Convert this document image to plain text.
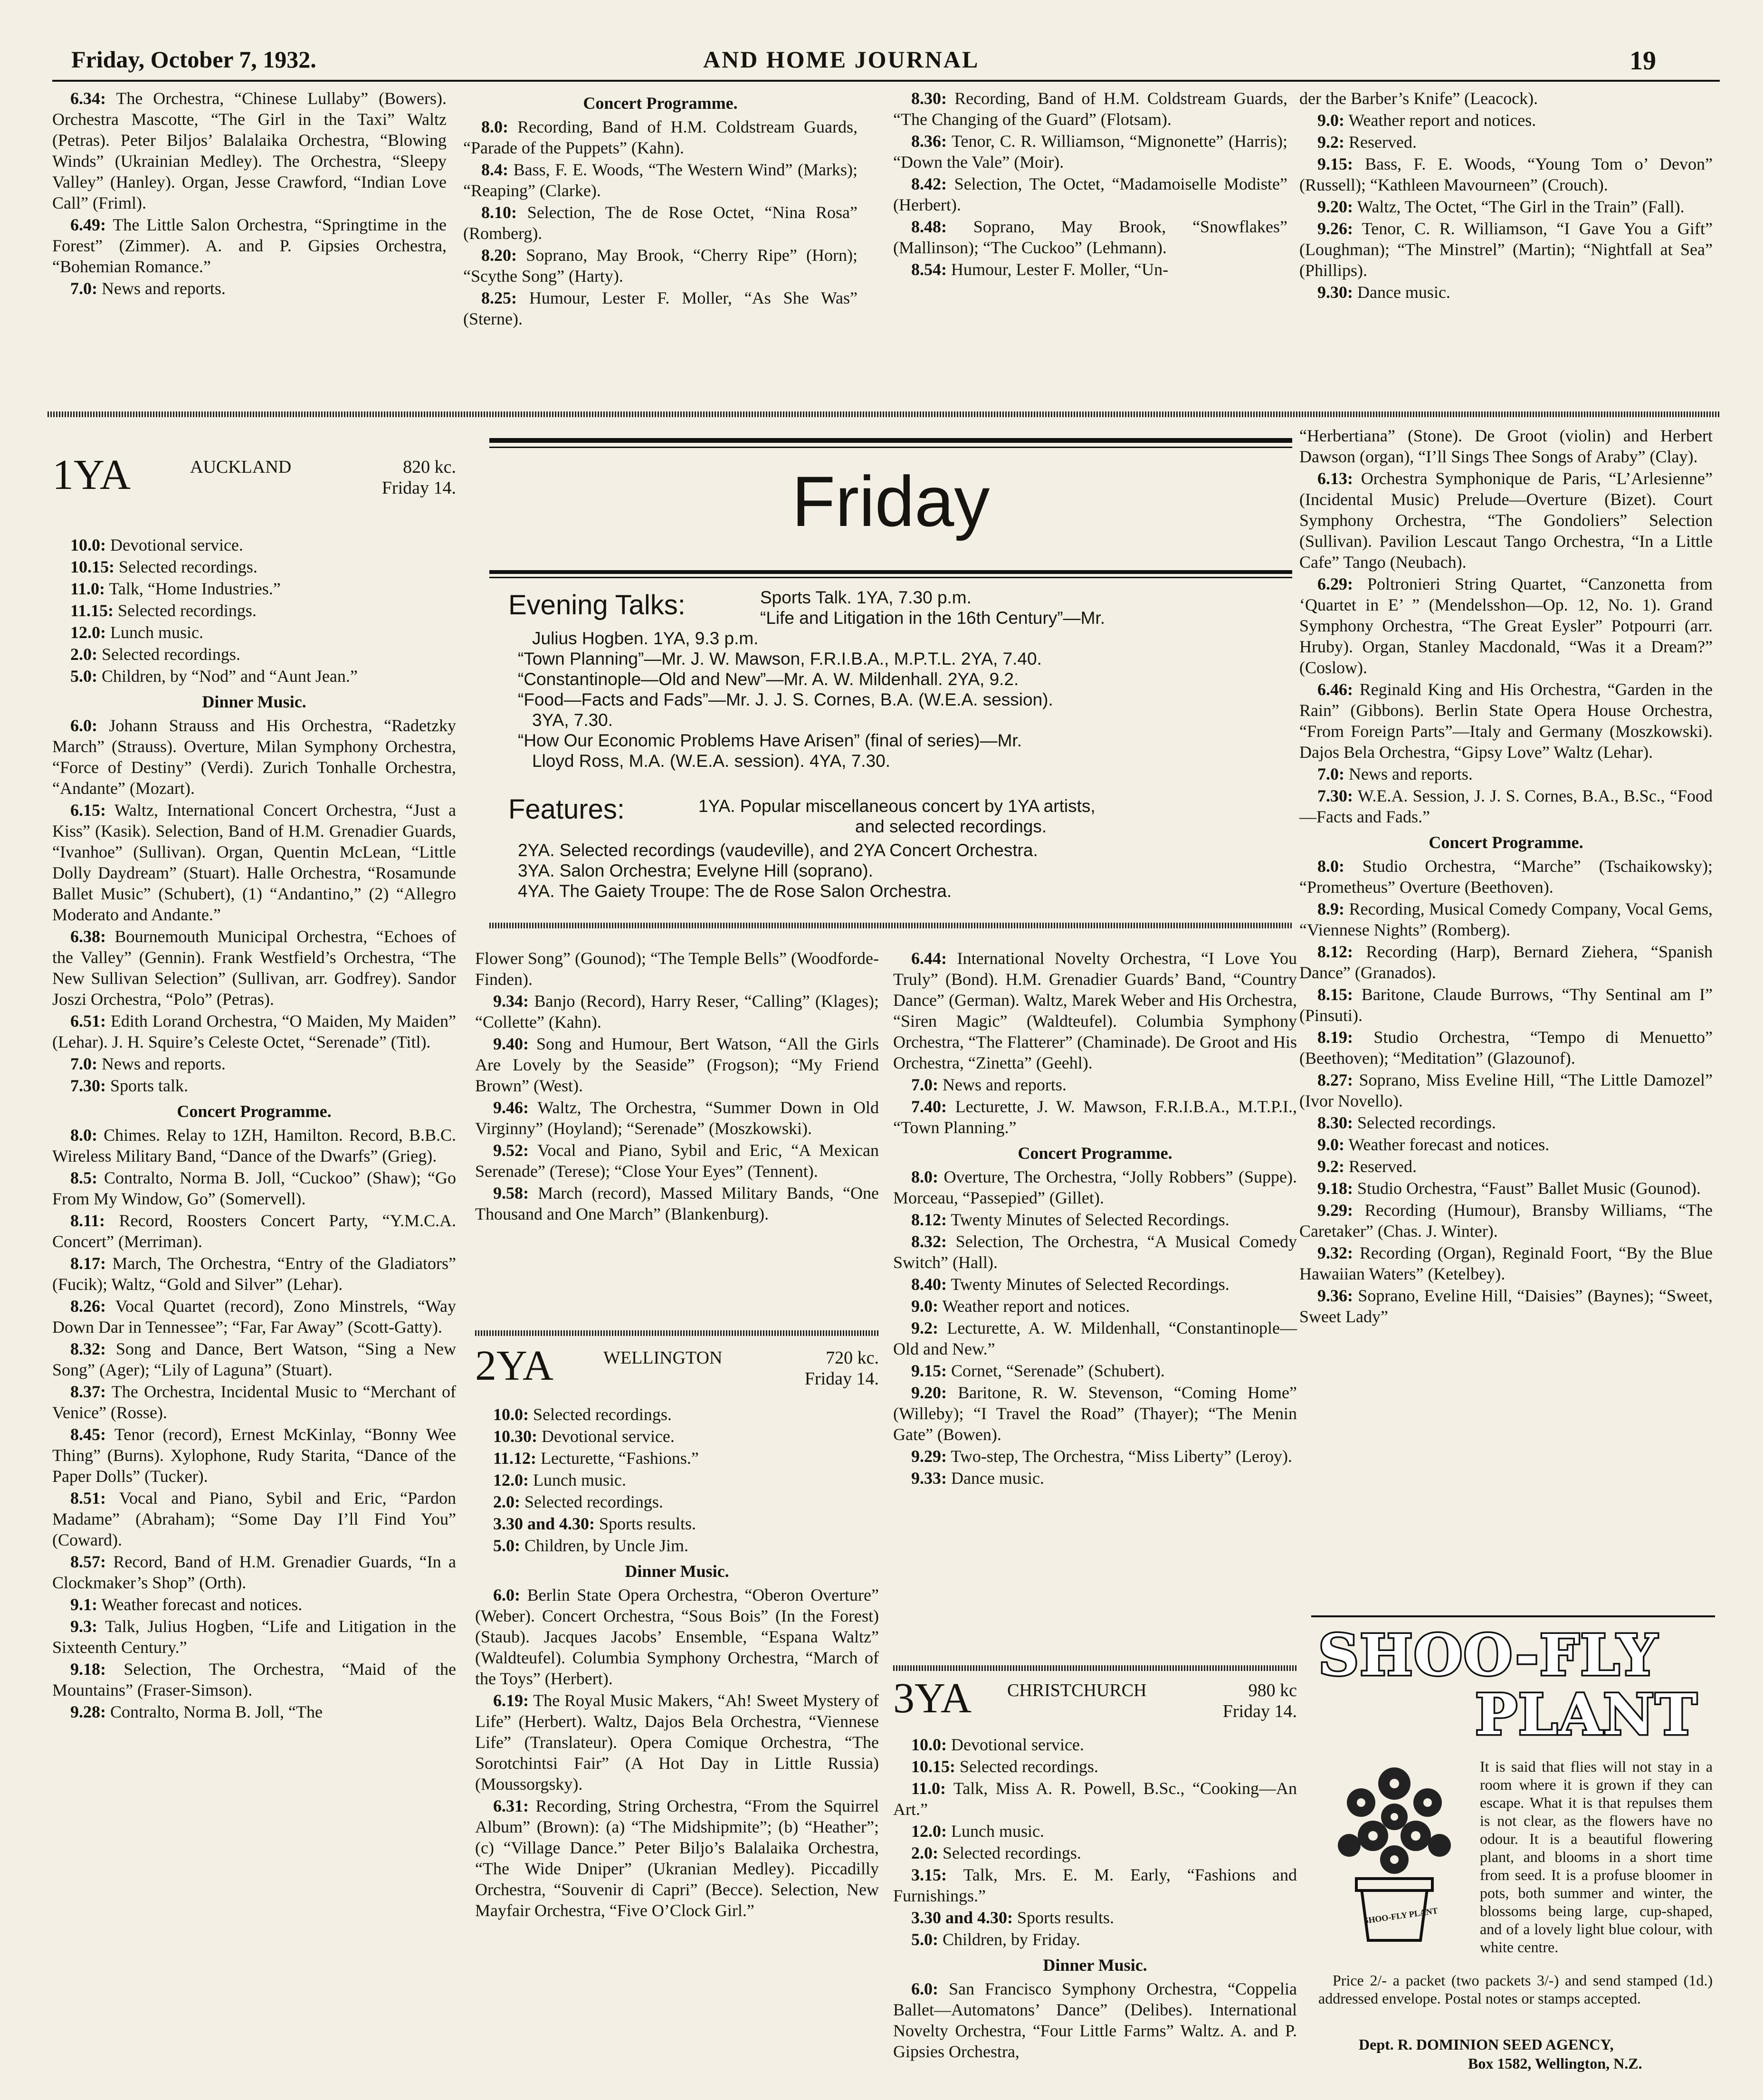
Friday, October 7, 1932.	AND HOME JOURNAL	19

6.34: The Orchestra, “Chinese Lullaby” (Bowers). Orchestra Mascotte, “The Girl in the Taxi” Waltz (Petras). Peter Biljos’ Balalaika Orchestra, “Blowing Winds” (Ukrainian Medley). The Orchestra, “Sleepy Valley” (Hanley). Organ, Jesse Crawford, “Indian Love Call” (Friml).

6.49: The Little Salon Orchestra, “Springtime in the Forest” (Zimmer). A. and P. Gipsies Orchestra, “Bohemian Romance.”

7.0: News and reports.

Concert Programme.

8.0: Recording, Band of H.M. Coldstream Guards, “Parade of the Puppets” (Kahn).

8.4: Bass, F. E. Woods, “The Western Wind” (Marks); “Reaping” (Clarke).

8.10: Selection, The de Rose Octet, “Nina Rosa” (Romberg).

8.20: Soprano, May Brook, “Cherry Ripe” (Horn); “Scythe Song” (Harty).

8.25: Humour, Lester F. Moller, “As She Was” (Sterne).

8.30: Recording, Band of H.M. Coldstream Guards, “The Changing of the Guard” (Flotsam).

8.36: Tenor, C. R. Williamson, “Mignonette” (Harris); “Down the Vale” (Moir).

8.42: Selection, The Octet, “Madamoiselle Modiste” (Herbert).

8.48: Soprano, May Brook, “Snowflakes” (Mallinson); “The Cuckoo” (Lehmann).

8.54: Humour, Lester F. Moller, “Un-

der the Barber’s Knife” (Leacock).

9.0: Weather report and notices.

9.2: Reserved.

9.15: Bass, F. E. Woods, “Young Tom o’ Devon” (Russell); “Kathleen Mavourneen” (Crouch).

9.20: Waltz, The Octet, “The Girl in the Train” (Fall).

9.26: Tenor, C. R. Williamson, “I Gave You a Gift” (Loughman); “The Minstrel” (Martin); “Nightfall at Sea” (Phillips).

9.30: Dance music.

1YA	AUCKLAND	820 kc.
Friday 14.

10.0: Devotional service.

10.15: Selected recordings.

11.0: Talk, “Home Industries.”

11.15: Selected recordings.

12.0: Lunch music.

2.0: Selected recordings.

5.0: Children, by “Nod” and “Aunt Jean.”

Dinner Music.

6.0: Johann Strauss and His Orchestra, “Radetzky March” (Strauss). Overture, Milan Symphony Orchestra, “Force of Destiny” (Verdi). Zurich Tonhalle Orchestra, “Andante” (Mozart).

6.15: Waltz, International Concert Orchestra, “Just a Kiss” (Kasik). Selection, Band of H.M. Grenadier Guards, “Ivanhoe” (Sullivan). Organ, Quentin McLean, “Little Dolly Daydream” (Stuart). Halle Orchestra, “Rosamunde Ballet Music” (Schubert), (1) “Andantino,” (2) “Allegro Moderato and Andante.”

6.38: Bournemouth Municipal Orchestra, “Echoes of the Valley” (Gennin). Frank Westfield’s Orchestra, “The New Sullivan Selection” (Sullivan, arr. Godfrey). Sandor Joszi Orchestra, “Polo” (Petras).

6.51: Edith Lorand Orchestra, “O Maiden, My Maiden” (Lehar). J. H. Squire’s Celeste Octet, “Serenade” (Titl).

7.0: News and reports.

7.30: Sports talk.

Concert Programme.

8.0: Chimes. Relay to 1ZH, Hamilton. Record, B.B.C. Wireless Military Band, “Dance of the Dwarfs” (Grieg).

8.5: Contralto, Norma B. Joll, “Cuckoo” (Shaw); “Go From My Window, Go” (Somervell).

8.11: Record, Roosters Concert Party, “Y.M.C.A. Concert” (Merriman).

8.17: March, The Orchestra, “Entry of the Gladiators” (Fucik); Waltz, “Gold and Silver” (Lehar).

8.26: Vocal Quartet (record), Zono Minstrels, “Way Down Dar in Tennessee”; “Far, Far Away” (Scott-Gatty).

8.32: Song and Dance, Bert Watson, “Sing a New Song” (Ager); “Lily of Laguna” (Stuart).

8.37: The Orchestra, Incidental Music to “Merchant of Venice” (Rosse).

8.45: Tenor (record), Ernest McKinlay, “Bonny Wee Thing” (Burns). Xylophone, Rudy Starita, “Dance of the Paper Dolls” (Tucker).

8.51: Vocal and Piano, Sybil and Eric, “Pardon Madame” (Abraham); “Some Day I’ll Find You” (Coward).

8.57: Record, Band of H.M. Grenadier Guards, “In a Clockmaker’s Shop” (Orth).

9.1: Weather forecast and notices.

9.3: Talk, Julius Hogben, “Life and Litigation in the Sixteenth Century.”

9.18: Selection, The Orchestra, “Maid of the Mountains” (Fraser-Simson).

9.28: Contralto, Norma B. Joll, “The

Friday
Evening Talks:	Sports Talk. 1YA, 7.30 p.m.
“Life and Litigation in the 16th Century”—Mr.
Julius Hogben. 1YA, 9.3 p.m.
“Town Planning”—Mr. J. W. Mawson, F.R.I.B.A., M.P.T.L. 2YA, 7.40.
“Constantinople—Old and New”—Mr. A. W. Mildenhall. 2YA, 9.2.
“Food—Facts and Fads”—Mr. J. J. S. Cornes, B.A. (W.E.A. session).
3YA, 7.30.
“How Our Economic Problems Have Arisen” (final of series)—Mr.
Lloyd Ross, M.A. (W.E.A. session). 4YA, 7.30.
Features:	1YA. Popular miscellaneous concert by 1YA artists,
and selected recordings.
2YA. Selected recordings (vaudeville), and 2YA Concert Orchestra.
3YA. Salon Orchestra; Evelyne Hill (soprano).
4YA. The Gaiety Troupe: The de Rose Salon Orchestra.

Flower Song” (Gounod); “The Temple Bells” (Woodforde-Finden).

9.34: Banjo (Record), Harry Reser, “Calling” (Klages); “Collette” (Kahn).

9.40: Song and Humour, Bert Watson, “All the Girls Are Lovely by the Seaside” (Frogson); “My Friend Brown” (West).

9.46: Waltz, The Orchestra, “Summer Down in Old Virginny” (Hoyland); “Serenade” (Moszkowski).

9.52: Vocal and Piano, Sybil and Eric, “A Mexican Serenade” (Terese); “Close Your Eyes” (Tennent).

9.58: March (record), Massed Military Bands, “One Thousand and One March” (Blankenburg).

2YA	WELLINGTON	720 kc.
Friday 14.

10.0: Selected recordings.

10.30: Devotional service.

11.12: Lecturette, “Fashions.”

12.0: Lunch music.

2.0: Selected recordings.

3.30 and 4.30: Sports results.

5.0: Children, by Uncle Jim.

Dinner Music.

6.0: Berlin State Opera Orchestra, “Oberon Overture” (Weber). Concert Orchestra, “Sous Bois” (In the Forest) (Staub). Jacques Jacobs’ Ensemble, “Espana Waltz” (Waldteufel). Columbia Symphony Orchestra, “March of the Toys” (Herbert).

6.19: The Royal Music Makers, “Ah! Sweet Mystery of Life” (Herbert). Waltz, Dajos Bela Orchestra, “Viennese Life” (Translateur). Opera Comique Orchestra, “The Sorotchintsi Fair” (A Hot Day in Little Russia) (Moussorgsky).

6.31: Recording, String Orchestra, “From the Squirrel Album” (Brown): (a) “The Midshipmite”; (b) “Heather”; (c) “Village Dance.” Peter Biljo’s Balalaika Orchestra, “The Wide Dniper” (Ukranian Medley). Piccadilly Orchestra, “Souvenir di Capri” (Becce). Selection, New Mayfair Orchestra, “Five O’Clock Girl.”

6.44: International Novelty Orchestra, “I Love You Truly” (Bond). H.M. Grenadier Guards’ Band, “Country Dance” (German). Waltz, Marek Weber and His Orchestra, “Siren Magic” (Waldteufel). Columbia Symphony Orchestra, “The Flatterer” (Chaminade). De Groot and His Orchestra, “Zinetta” (Geehl).

7.0: News and reports.

7.40: Lecturette, J. W. Mawson, F.R.I.B.A., M.T.P.I., “Town Planning.”

Concert Programme.

8.0: Overture, The Orchestra, “Jolly Robbers” (Suppe). Morceau, “Passepied” (Gillet).

8.12: Twenty Minutes of Selected Recordings.

8.32: Selection, The Orchestra, “A Musical Comedy Switch” (Hall).

8.40: Twenty Minutes of Selected Recordings.

9.0: Weather report and notices.

9.2: Lecturette, A. W. Mildenhall, “Constantinople—Old and New.”

9.15: Cornet, “Serenade” (Schubert).

9.20: Baritone, R. W. Stevenson, “Coming Home” (Willeby); “I Travel the Road” (Thayer); “The Menin Gate” (Bowen).

9.29: Two-step, The Orchestra, “Miss Liberty” (Leroy).

9.33: Dance music.

3YA CHRISTCHURCH	980 kc
Friday 14.

10.0: Devotional service.

10.15: Selected recordings.

11.0: Talk, Miss A. R. Powell, B.Sc., “Cooking—An Art.”

12.0: Lunch music.

2.0: Selected recordings.

3.15: Talk, Mrs. E. M. Early, “Fashions and Furnishings.”

3.30 and 4.30: Sports results.

5.0: Children, by Friday.

Dinner Music.

6.0: San Francisco Symphony Orchestra, “Coppelia Ballet—Automatons’ Dance” (Delibes). International Novelty Orchestra, “Four Little Farms” Waltz. A. and P. Gipsies Orchestra,

“Herbertiana” (Stone). De Groot (violin) and Herbert Dawson (organ), “I’ll Sings Thee Songs of Araby” (Clay).

6.13: Orchestra Symphonique de Paris, “L’Arlesienne” (Incidental Music) Prelude—Overture (Bizet). Court Symphony Orchestra, “The Gondoliers” Selection (Sullivan). Pavilion Lescaut Tango Orchestra, “In a Little Cafe” Tango (Neubach).

6.29: Poltronieri String Quartet, “Canzonetta from ‘Quartet in E’ ” (Mendelsshon—Op. 12, No. 1). Grand Symphony Orchestra, “The Great Eysler” Potpourri (arr. Hruby). Organ, Stanley Macdonald, “Was it a Dream?” (Coslow).

6.46: Reginald King and His Orchestra, “Garden in the Rain” (Gibbons). Berlin State Opera House Orchestra, “From Foreign Parts”—Italy and Germany (Moszkowski). Dajos Bela Orchestra, “Gipsy Love” Waltz (Lehar).

7.0: News and reports.

7.30: W.E.A. Session, J. J. S. Cornes, B.A., B.Sc., “Food—Facts and Fads.”

Concert Programme.

8.0: Studio Orchestra, “Marche” (Tschaikowsky); “Prometheus” Overture (Beethoven).

8.9: Recording, Musical Comedy Company, Vocal Gems, “Viennese Nights” (Romberg).

8.12: Recording (Harp), Bernard Ziehera, “Spanish Dance” (Granados).

8.15: Baritone, Claude Burrows, “Thy Sentinal am I” (Pinsuti).

8.19: Studio Orchestra, “Tempo di Menuetto” (Beethoven); “Meditation” (Glazounof).

8.27: Soprano, Miss Eveline Hill, “The Little Damozel” (Ivor Novello).

8.30: Selected recordings.

9.0: Weather forecast and notices.

9.2: Reserved.

9.18: Studio Orchestra, “Faust” Ballet Music (Gounod).

9.29: Recording (Humour), Bransby Williams, “The Caretaker” (Chas. J. Winter).

9.32: Recording (Organ), Reginald Foort, “By the Blue Hawaiian Waters” (Ketelbey).

9.36: Soprano, Eveline Hill, “Daisies” (Baynes); “Sweet, Sweet Lady”

SHOO-FLY
PLANT
SHOO-FLY PLANT
It is said that flies will not stay in a room where it is grown if they can escape. What it is that repulses them is not clear, as the flowers have no odour. It is a beautiful flowering plant, and blooms in a short time from seed. It is a profuse bloomer in pots, both summer and winter, the blossoms being large, cup-shaped, and of a lovely light blue colour, with white centre.
Price 2/- a packet (two packets 3/-) and send stamped (1d.) addressed envelope. Postal notes or stamps accepted.
Dept. R. DOMINION SEED AGENCY,
Box 1582, Wellington, N.Z.
